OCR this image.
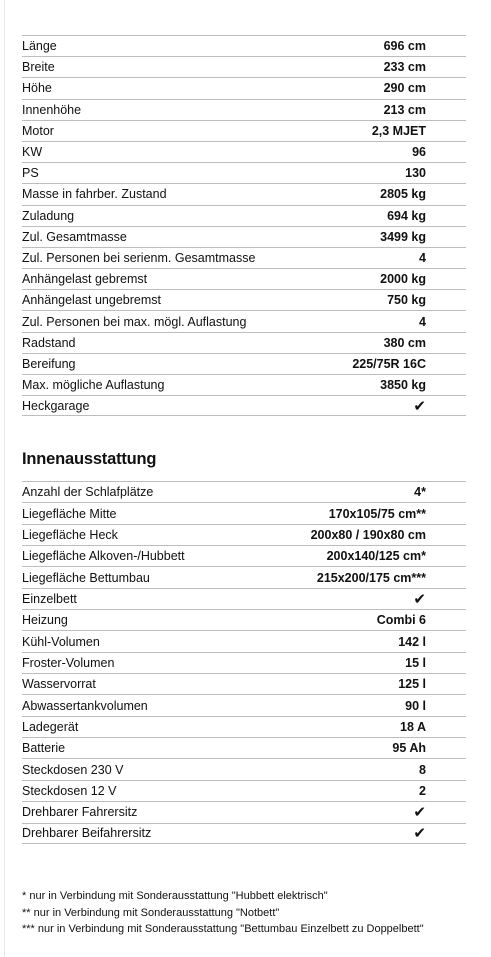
Länge	696 cm
Breite	233 cm
Höhe	290 cm
Innenhöhe	213 cm
Motor	2,3 MJET
KW	96
PS	130
Masse in fahrber. Zustand	2805 kg
Zuladung	694 kg
Zul. Gesamtmasse	3499 kg
Zul. Personen bei serienm. Gesamtmasse	4
Anhängelast gebremst	2000 kg
Anhängelast ungebremst	750 kg
Zul. Personen bei max. mögl. Auflastung	4
Radstand	380 cm
Bereifung	225/75R 16C
Max. mögliche Auflastung	3850 kg
Heckgarage	✔
Innenausstattung
Anzahl der Schlafplätze	4*
Liegefläche Mitte	170x105/75 cm**
Liegefläche Heck	200x80 / 190x80 cm
Liegefläche Alkoven-/Hubbett	200x140/125 cm*
Liegefläche Bettumbau	215x200/175 cm***
Einzelbett	✔
Heizung	Combi 6
Kühl-Volumen	142 l
Froster-Volumen	15 l
Wasservorrat	125 l
Abwassertankvolumen	90 l
Ladegerät	18 A
Batterie	95 Ah
Steckdosen 230 V	8
Steckdosen 12 V	2
Drehbarer Fahrersitz	✔
Drehbarer Beifahrersitz	✔
* nur in Verbindung mit Sonderausstattung "Hubbett elektrisch"
** nur in Verbindung mit Sonderausstattung "Notbett"
*** nur in Verbindung mit Sonderausstattung "Bettumbau Einzelbett zu Doppelbett"
